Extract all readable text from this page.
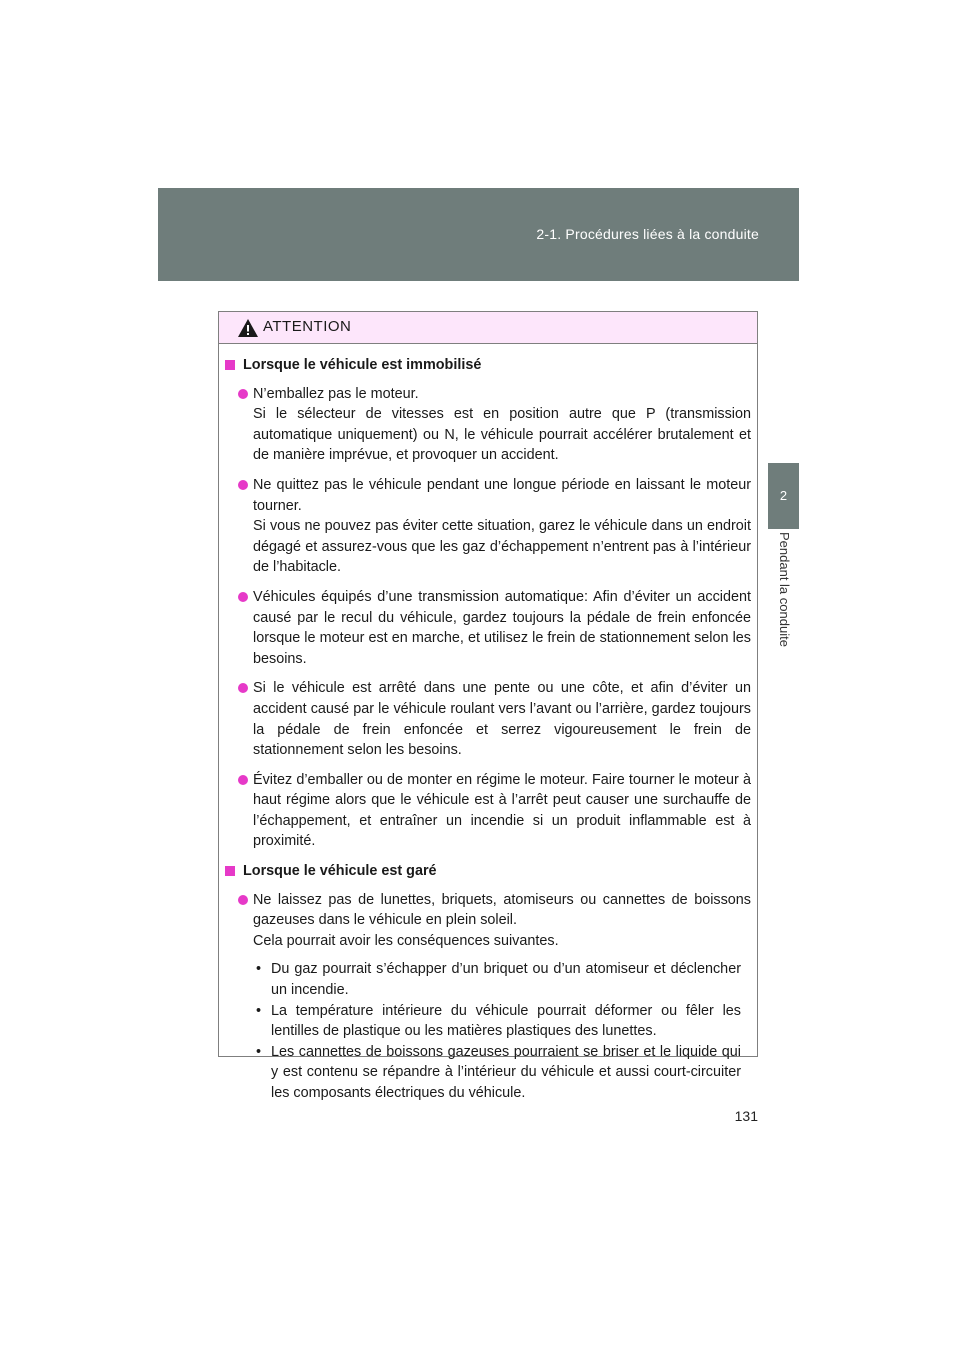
2-1. Procédures liées à la conduite
2
Pendant la conduite
ATTENTION
Lorsque le véhicule est immobilisé

N’emballez pas le moteur.

Si le sélecteur de vitesses est en position autre que P (transmission automatique uniquement) ou N, le véhicule pourrait accélérer brutalement et de manière imprévue, et provoquer un accident.

Ne quittez pas le véhicule pendant une longue période en laissant le moteur tourner.

Si vous ne pouvez pas éviter cette situation, garez le véhicule dans un endroit dégagé et assurez-vous que les gaz d’échappement n’entrent pas à l’intérieur de l’habitacle.

Véhicules équipés d’une transmission automatique: Afin d’éviter un accident causé par le recul du véhicule, gardez toujours la pédale de frein enfoncée lorsque le moteur est en marche, et utilisez le frein de stationnement selon les besoins.

Si le véhicule est arrêté dans une pente ou une côte, et afin d’éviter un accident causé par le véhicule roulant vers l’avant ou l’arrière, gardez toujours la pédale de frein enfoncée et serrez vigoureusement le frein de stationnement selon les besoins.

Évitez d’emballer ou de monter en régime le moteur. Faire tourner le moteur à haut régime alors que le véhicule est à l’arrêt peut causer une surchauffe de l’échappement, et entraîner un incendie si un produit inflammable est à proximité.

Lorsque le véhicule est garé

Ne laissez pas de lunettes, briquets, atomiseurs ou cannettes de boissons gazeuses dans le véhicule en plein soleil.

Cela pourrait avoir les conséquences suivantes.

• Du gaz pourrait s’échapper d’un briquet ou d’un atomiseur et déclencher un incendie.
• La température intérieure du véhicule pourrait déformer ou fêler les lentilles de plastique ou les matières plastiques des lunettes.
• Les cannettes de boissons gazeuses pourraient se briser et le liquide qui y est contenu se répandre à l’intérieur du véhicule et aussi court-circuiter les composants électriques du véhicule.
131
